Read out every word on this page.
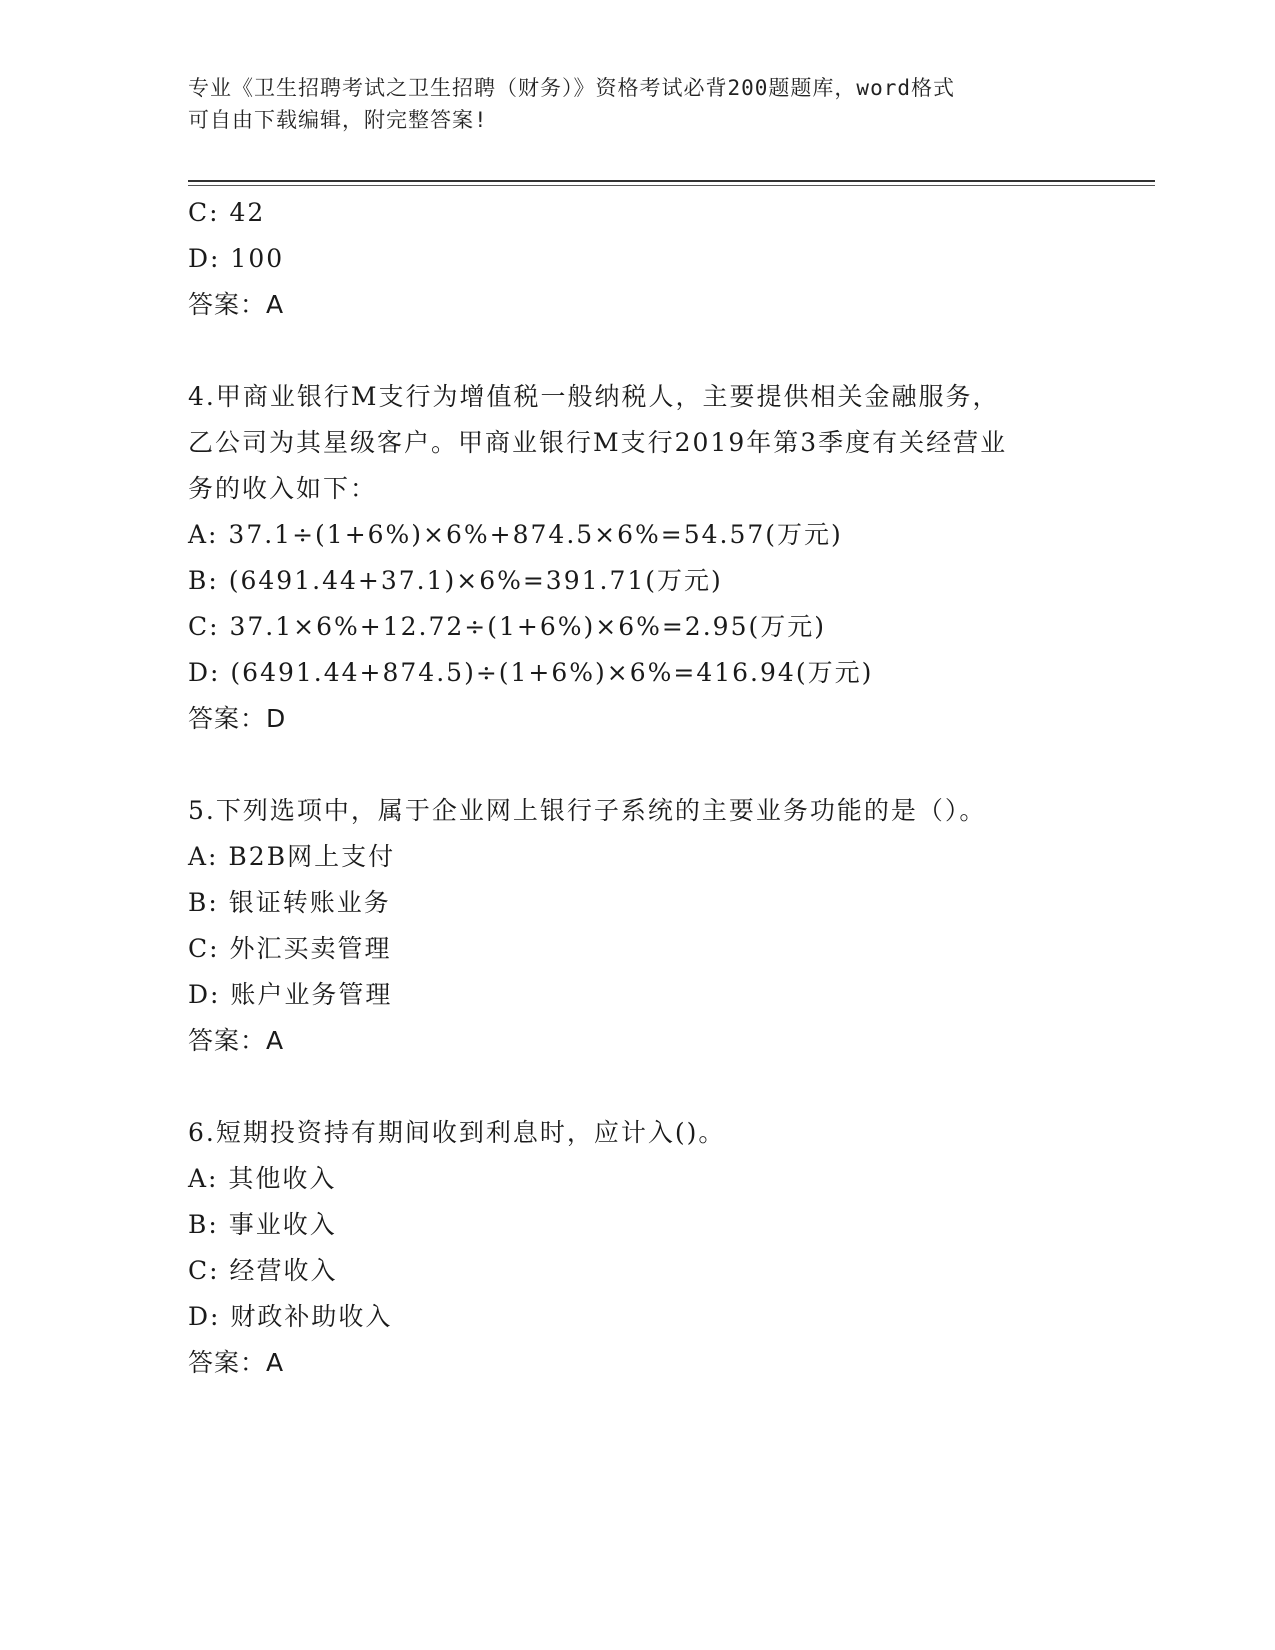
专业《卫生招聘考试之卫生招聘（财务）》资格考试必背200题题库，word格式
可自由下载编辑，附完整答案!
C: 42
D: 100
答案：A
4.甲商业银行M支行为增值税一般纳税人，主要提供相关金融服务，
乙公司为其星级客户。甲商业银行M支行2019年第3季度有关经营业
务的收入如下：
A: 37.1÷(1+6%)×6%+874.5×6%=54.57(万元)
B: (6491.44+37.1)×6%=391.71(万元)
C: 37.1×6%+12.72÷(1+6%)×6%=2.95(万元)
D: (6491.44+874.5)÷(1+6%)×6%=416.94(万元)
答案：D
5.下列选项中，属于企业网上银行子系统的主要业务功能的是（）。
A: B2B网上支付
B: 银证转账业务
C: 外汇买卖管理
D: 账户业务管理
答案：A
6.短期投资持有期间收到利息时，应计入()。
A: 其他收入
B: 事业收入
C: 经营收入
D: 财政补助收入
答案：A
